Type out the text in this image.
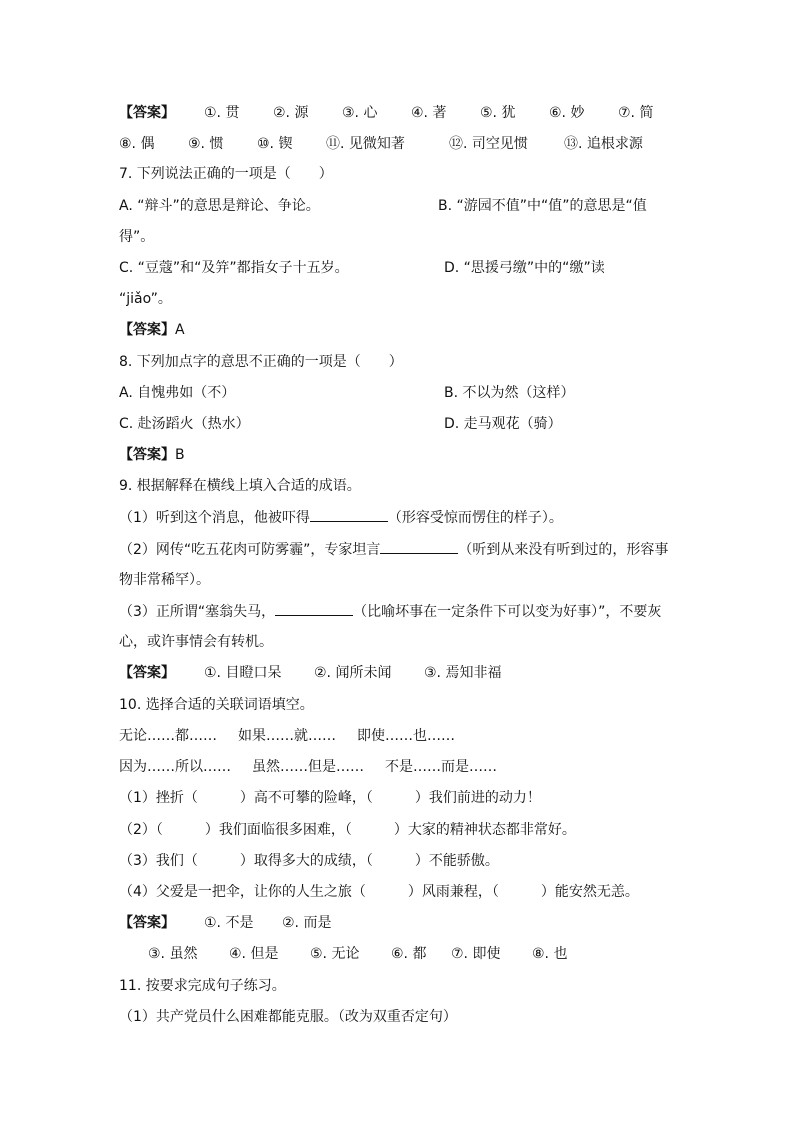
【答案】 ①. 贯 ②. 源 ③. 心 ④. 著 ⑤. 犹 ⑥. 妙 ⑦. 简
⑧. 偶 ⑨. 惯 ⑩. 锲 ⑪. 见微知著	⑫. 司空见惯	⑬. 追根求源
7. 下列说法正确的一项是（　　）
A. “辩斗”的意思是辩论、争论。	B. “游园不值”中“值”的意思是“值
得”。
C. “豆蔻”和“及笄”都指女子十五岁。	D. “思援弓缴”中的“缴”读
“jiǎo”。
【答案】A
8. 下列加点字的意思不正确的一项是（　　）
A. 自愧弗如（不）	B. 不以为然（这样）
C. 赴汤蹈火（热水）	D. 走马观花（骑）
【答案】B
9. 根据解释在横线上填入合适的成语。
（1）听到这个消息，他被吓得	（形容受惊而愣住的样子）。
（2）网传“吃五花肉可防雾霾”，专家坦言	（听到从来没有听到过的，形容事
物非常稀罕）。
（3）正所谓“塞翁失马，	（比喻坏事在一定条件下可以变为好事）”，不要灰
心，或许事情会有转机。
【答案】 ①. 目瞪口呆 ②. 闻所未闻 ③. 焉知非福
10. 选择合适的关联词语填空。
无论……都…… 如果……就…… 即使……也……
因为……所以…… 虽然……但是…… 不是……而是……
（1）挫折（　　　）高不可攀的险峰，（　　　）我们前进的动力！
（2）（　　　）我们面临很多困难，（　　　）大家的精神状态都非常好。
（3）我们（　　　）取得多大的成绩，（　　　）不能骄傲。
（4）父爱是一把伞，让你的人生之旅（　　　）风雨兼程，（　　　）能安然无恙。
【答案】 ①. 不是 ②. 而是
③. 虽然 ④. 但是 ⑤. 无论 ⑥. 都 ⑦. 即使 ⑧. 也
11. 按要求完成句子练习。
（1）共产党员什么困难都能克服。（改为双重否定句）
